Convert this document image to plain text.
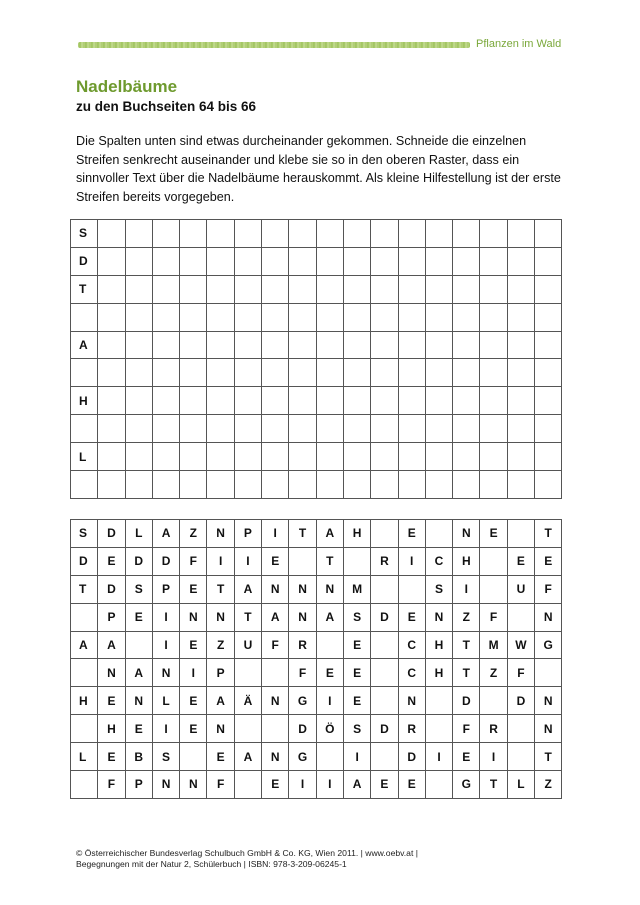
Pflanzen im Wald
Nadelbäume
zu den Buchseiten 64 bis 66
Die Spalten unten sind etwas durcheinander gekommen. Schneide die einzelnen Streifen senkrecht auseinander und klebe sie so in den oberen Raster, dass ein sinnvoller Text über die Nadelbäume herauskommt. Als kleine Hilfestellung ist der erste Streifen bereits vorgegeben.
S																	
D																	
T																	

A																	

H																	

L																	

S	D	L	A	Z	N	P	I	T	A	H		E		N	E		T
D	E	D	D	F	I	I	E		T		R	I	C	H		E	E
T	D	S	P	E	T	A	N	N	N	M			S	I		U	F
	P	E	I	N	N	T	A	N	A	S	D	E	N	Z	F		N
A	A		I	E	Z	U	F	R		E		C	H	T	M	W	G
	N	A	N	I	P			F	E	E		C	H	T	Z	F	
H	E	N	L	E	A	Ä	N	G	I	E		N		D		D	N
	H	E	I	E	N			D	Ö	S	D	R		F	R		N
L	E	B	S		E	A	N	G		I		D	I	E	I		T
	F	P	N	N	F		E	I	I	A	E	E		G	T	L	Z
© Österreichischer Bundesverlag Schulbuch GmbH & Co. KG, Wien 2011. | www.oebv.at |
Begegnungen mit der Natur 2, Schülerbuch | ISBN: 978-3-209-06245-1
